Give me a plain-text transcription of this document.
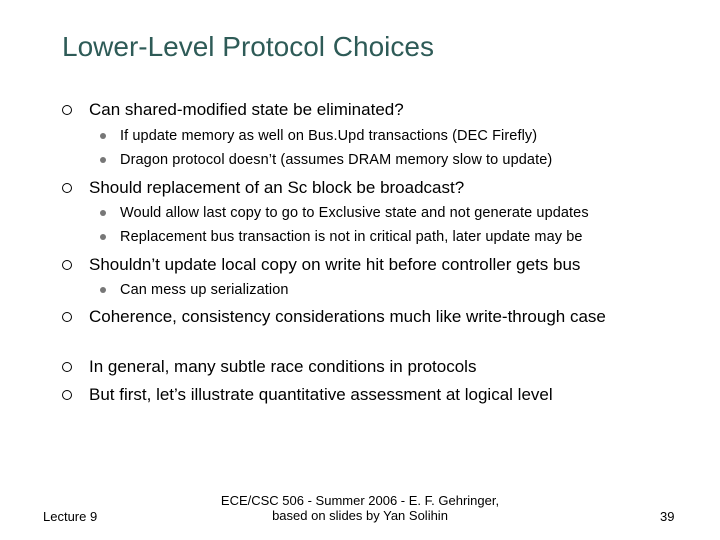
Lower-Level Protocol Choices
Can shared-modified state be eliminated?
If update memory as well on Bus.Upd transactions (DEC Firefly)
Dragon protocol doesn’t (assumes DRAM memory slow to update)
Should replacement of an Sc block be broadcast?
Would allow last copy to go to Exclusive state and not generate updates
Replacement bus transaction is not in critical path, later update may be
Shouldn’t update local copy on write hit before controller gets bus
Can mess up serialization
Coherence, consistency considerations much like write-through case
In general, many subtle race conditions in protocols
But first, let’s illustrate quantitative assessment at logical level
Lecture 9
ECE/CSC 506 - Summer 2006 - E. F. Gehringer, based on slides by Yan Solihin	39
